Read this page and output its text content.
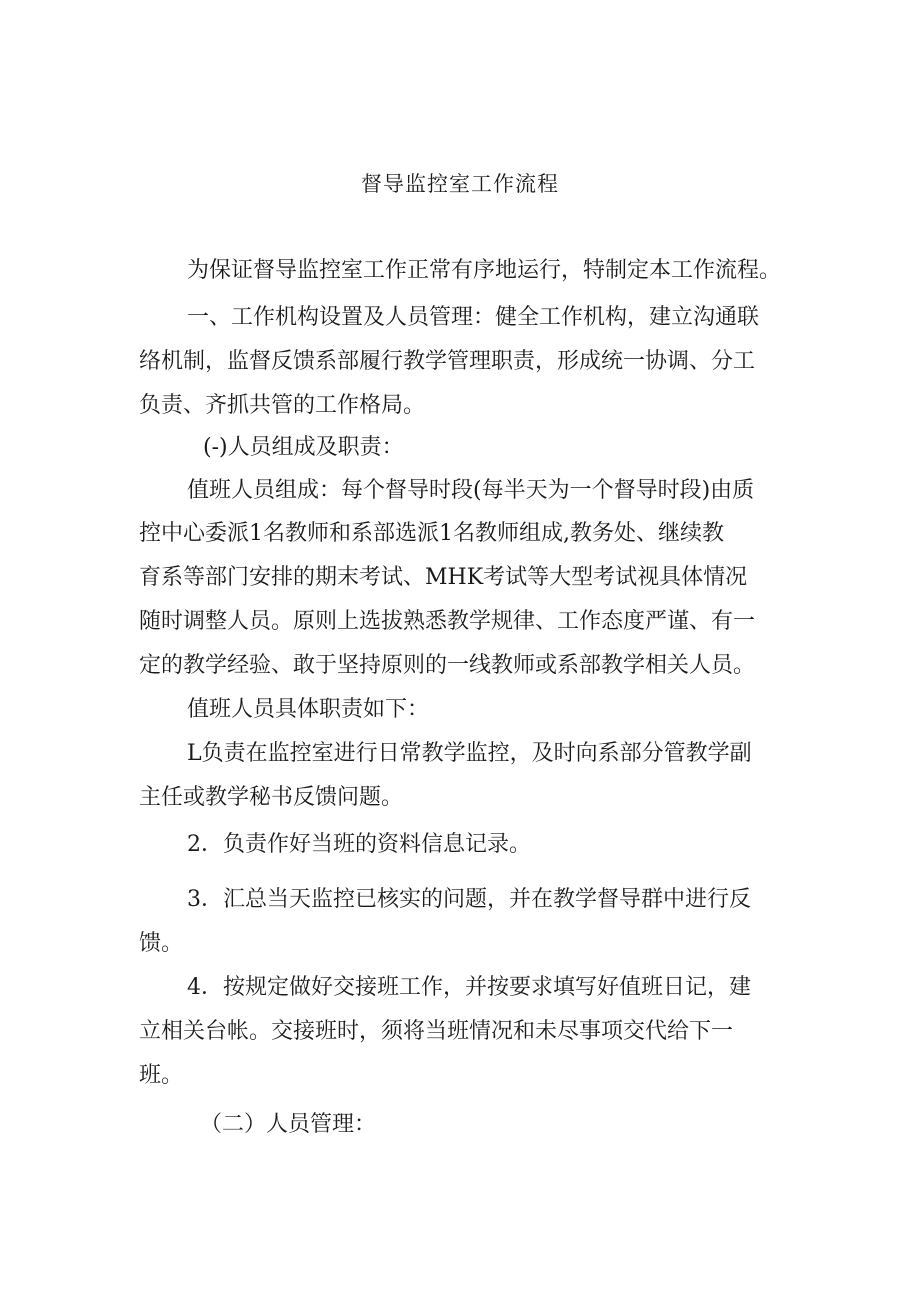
督导监控室工作流程
为保证督导监控室工作正常有序地运行，特制定本工作流程。
一、工作机构设置及人员管理：健全工作机构，建立沟通联
络机制，监督反馈系部履行教学管理职责，形成统一协调、分工
负责、齐抓共管的工作格局。
(-)人员组成及职责：
值班人员组成：每个督导时段(每半天为一个督导时段)由质
控中心委派1名教师和系部选派1名教师组成,教务处、继续教
育系等部门安排的期末考试、MHK考试等大型考试视具体情况
随时调整人员。原则上选拔熟悉教学规律、工作态度严谨、有一
定的教学经验、敢于坚持原则的一线教师或系部教学相关人员。
值班人员具体职责如下：
L负责在监控室进行日常教学监控，及时向系部分管教学副
主任或教学秘书反馈问题。
2．负责作好当班的资料信息记录。
3．汇总当天监控已核实的问题，并在教学督导群中进行反
馈。
4．按规定做好交接班工作，并按要求填写好值班日记，建
立相关台帐。交接班时，须将当班情况和未尽事项交代给下一
班。
（二）人员管理：
